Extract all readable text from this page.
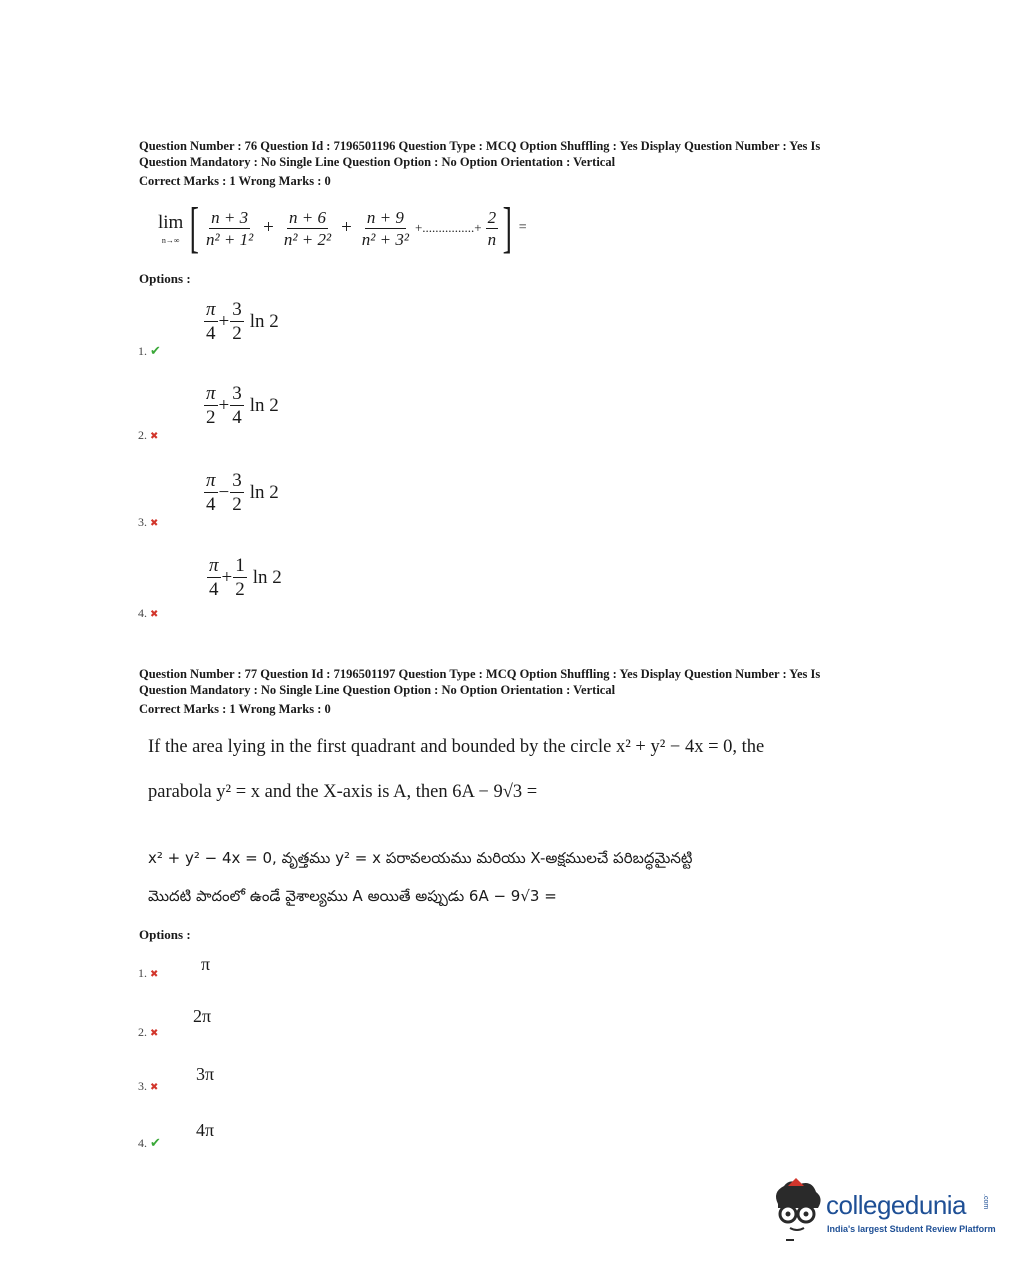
Question Number : 76 Question Id : 7196501196 Question Type : MCQ Option Shuffling : Yes Display Question Number : Yes Is
Question Mandatory : No Single Line Question Option : No Option Orientation : Vertical
Correct Marks : 1 Wrong Marks : 0
lim
n→∞ [ $\frac{n + 3}{\text{n² + 1²}} + \frac{n + 6}{\text{n² + 2²}} + \frac{n + 9}{\text{n² + 3²}}$ +................+ $\frac{2}{n}$ ] =
Options :
$\frac{\pi}{4} + \frac{3}{2}$ ln 2
1. ✔
$\frac{\pi}{2} + \frac{3}{4}$ ln 2
2. ✖
$\frac{\pi}{4} - \frac{3}{2}$ ln 2
3. ✖
$\frac{\pi}{4} + \frac{1}{2}$ ln 2
4. ✖
Question Number : 77 Question Id : 7196501197 Question Type : MCQ Option Shuffling : Yes Display Question Number : Yes Is
Question Mandatory : No Single Line Question Option : No Option Orientation : Vertical
Correct Marks : 1 Wrong Marks : 0
If the area lying in the first quadrant and bounded by the circle x² + y² − 4x = 0, the
parabola y² = x and the X-axis is A, then 6A − 9√3 =
x² + y² − 4x = 0, వృత్తము y² = x పరావలయము మరియు X-అక్షములచే పరిబద్ధమైనట్టి
మొదటి పాదంలో ఉండే వైశాల్యము A అయితే అప్పుడు 6A − 9√3 =
Options :
π
1. ✖
2π
2. ✖
3π
3. ✖
4π
4. ✔
collegedunia .com
India's largest Student Review Platform
